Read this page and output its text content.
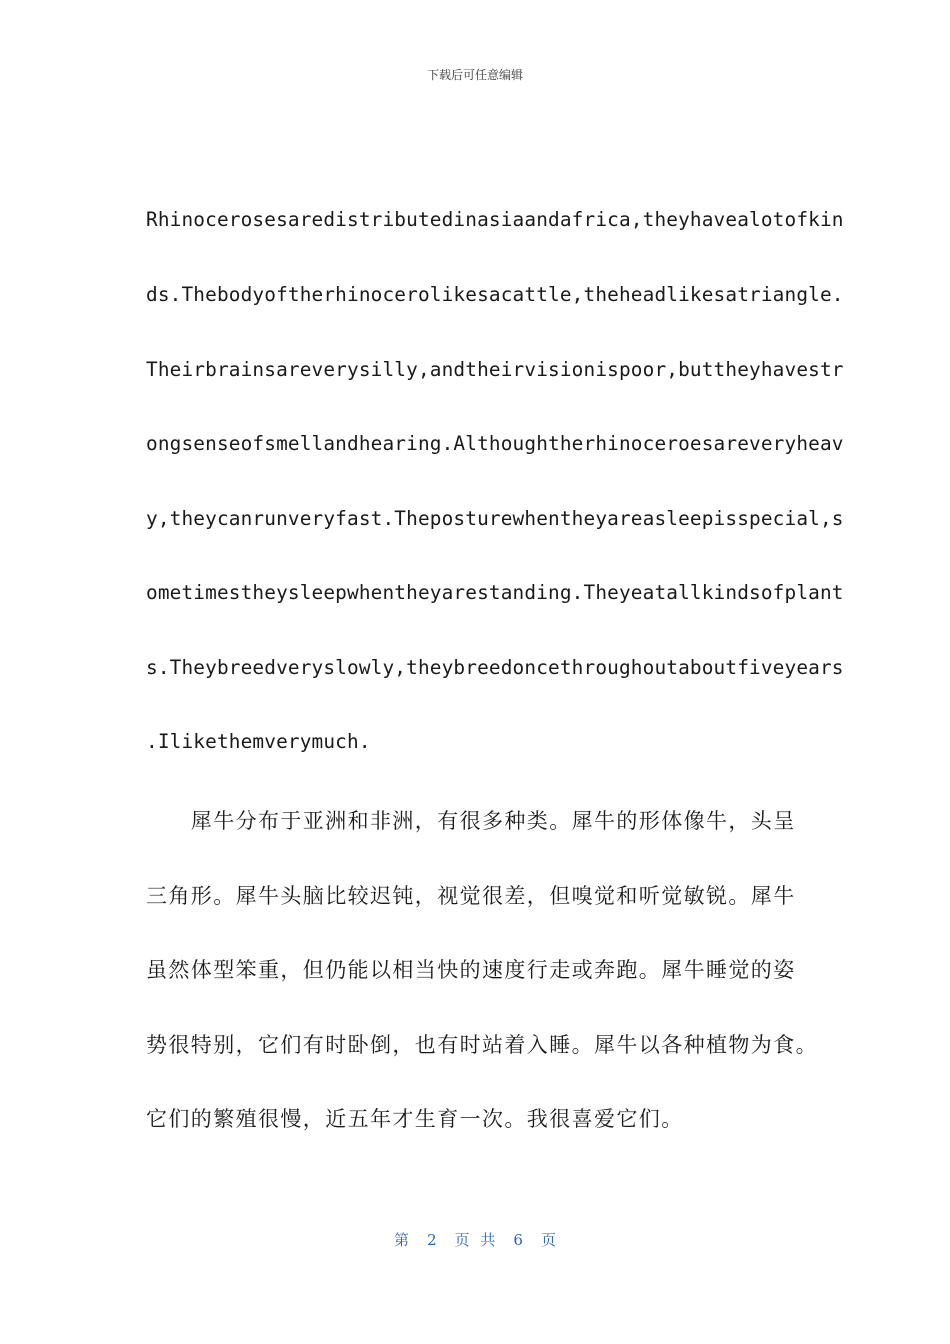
下载后可任意编辑
Rhinocerosesaredistributedinasiaandafrica,theyhavealotofkin
ds.Thebodyoftherhinocerolikesacattle,theheadlikesatriangle.
Theirbrainsareverysilly,andtheirvisionispoor,buttheyhavestr
ongsenseofsmellandhearing.Althoughtherhinoceroesareveryheav
y,theycanrunveryfast.Theposturewhentheyareasleepisspecial,s
ometimestheysleepwhentheyarestanding.Theyeatallkindsofplant
s.Theybreedveryslowly,theybreedoncethroughoutaboutfiveyears
.Ilikethemverymuch.
　　犀牛分布于亚洲和非洲，有很多种类。犀牛的形体像牛，头呈
三角形。犀牛头脑比较迟钝，视觉很差，但嗅觉和听觉敏锐。犀牛
虽然体型笨重，但仍能以相当快的速度行走或奔跑。犀牛睡觉的姿
势很特别，它们有时卧倒，也有时站着入睡。犀牛以各种植物为食。
它们的繁殖很慢，近五年才生育一次。我很喜爱它们。
第 2 页 共 6 页
